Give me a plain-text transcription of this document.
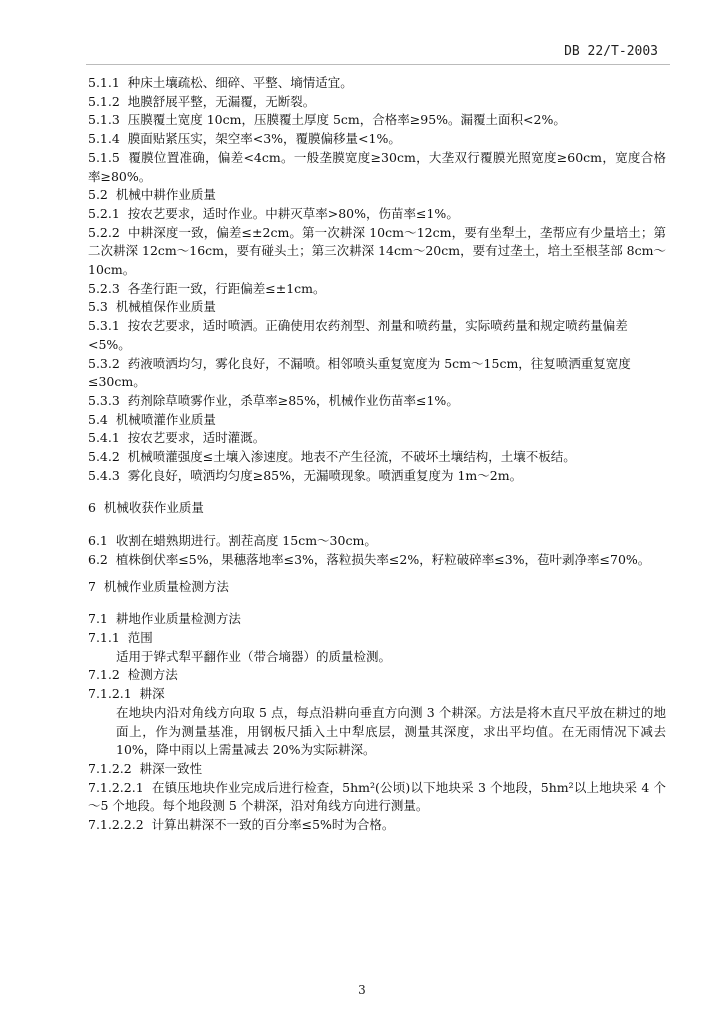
DB 22/T-2003
5.1.1  种床土壤疏松、细碎、平整、墒情适宜。
5.1.2  地膜舒展平整，无漏覆，无断裂。
5.1.3  压膜覆土宽度 10cm，压膜覆土厚度 5cm，合格率≥95%。漏覆土面积<2%。
5.1.4  膜面贴紧压实，架空率<3%，覆膜偏移量<1%。
5.1.5  覆膜位置准确，偏差<4cm。一般垄膜宽度≥30cm，大垄双行覆膜光照宽度≥60cm，宽度合格率≥80%。
5.2  机械中耕作业质量
5.2.1  按农艺要求，适时作业。中耕灭草率>80%，伤苗率≤1%。
5.2.2  中耕深度一致，偏差≤±2cm。第一次耕深 10cm～12cm，要有坐犁土，垄帮应有少量培土；第二次耕深 12cm～16cm，要有碰头土；第三次耕深 14cm～20cm，要有过垄土，培土至根茎部 8cm～10cm。
5.2.3  各垄行距一致，行距偏差≤±1cm。
5.3  机械植保作业质量
5.3.1  按农艺要求，适时喷洒。正确使用农药剂型、剂量和喷药量，实际喷药量和规定喷药量偏差<5%。
5.3.2  药液喷洒均匀，雾化良好，不漏喷。相邻喷头重复宽度为 5cm～15cm，往复喷洒重复宽度≤30cm。
5.3.3  药剂除草喷雾作业，杀草率≥85%，机械作业伤苗率≤1%。
5.4  机械喷灌作业质量
5.4.1  按农艺要求，适时灌溉。
5.4.2  机械喷灌强度≤土壤入渗速度。地表不产生径流，不破坏土壤结构，土壤不板结。
5.4.3  雾化良好，喷洒均匀度≥85%，无漏喷现象。喷洒重复度为 1m～2m。
6  机械收获作业质量
6.1  收割在蜡熟期进行。割茬高度 15cm～30cm。
6.2  植株倒伏率≤5%，果穗落地率≤3%，落粒损失率≤2%，籽粒破碎率≤3%，苞叶剥净率≤70%。
7  机械作业质量检测方法
7.1  耕地作业质量检测方法
7.1.1  范围
适用于铧式犁平翻作业（带合墒器）的质量检测。
7.1.2  检测方法
7.1.2.1  耕深
在地块内沿对角线方向取 5 点，每点沿耕向垂直方向测 3 个耕深。方法是将木直尺平放在耕过的地面上，作为测量基准，用钢板尺插入土中犁底层，测量其深度，求出平均值。在无雨情况下减去 10%，降中雨以上需量减去 20%为实际耕深。
7.1.2.2  耕深一致性
7.1.2.2.1  在镇压地块作业完成后进行检查，5hm²(公顷)以下地块采 3 个地段，5hm²以上地块采 4 个～5 个地段。每个地段测 5 个耕深，沿对角线方向进行测量。
7.1.2.2.2  计算出耕深不一致的百分率≤5%时为合格。
3
